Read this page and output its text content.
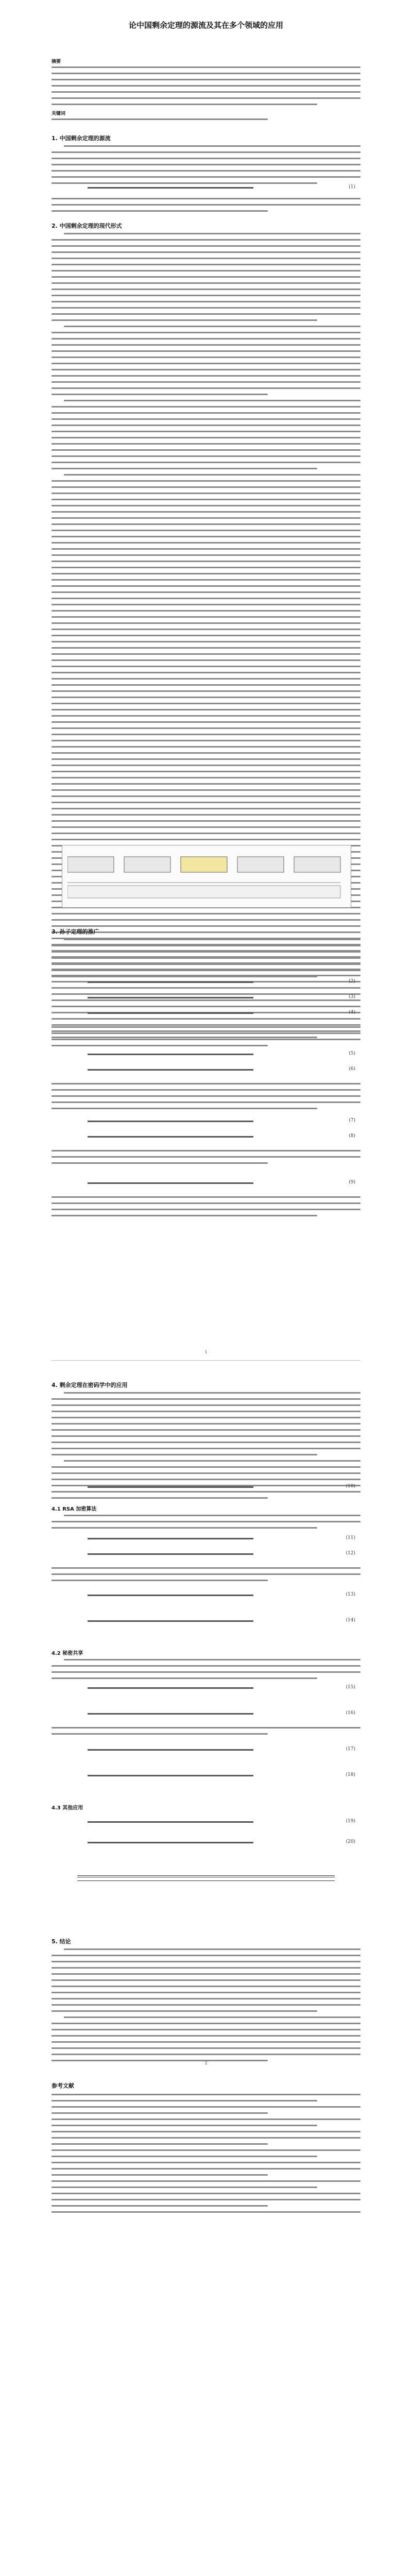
论中国剩余定理的源流及其在多个领域的应用
摘要
关键词
1. 中国剩余定理的源流
(1)
2. 中国剩余定理的现代形式
3. 孙子定理的推广
(2)
(3)
(4)
(5)
(6)
(7)
(8)
(9)
1
4. 剩余定理在密码学中的应用
(10)
4.1 RSA 加密算法
(11)
(12)
(13)
(14)
4.2 秘密共享
(15)
(16)
(17)
(18)
4.3 其他应用
(19)
(20)

5. 结论
2
参考文献
